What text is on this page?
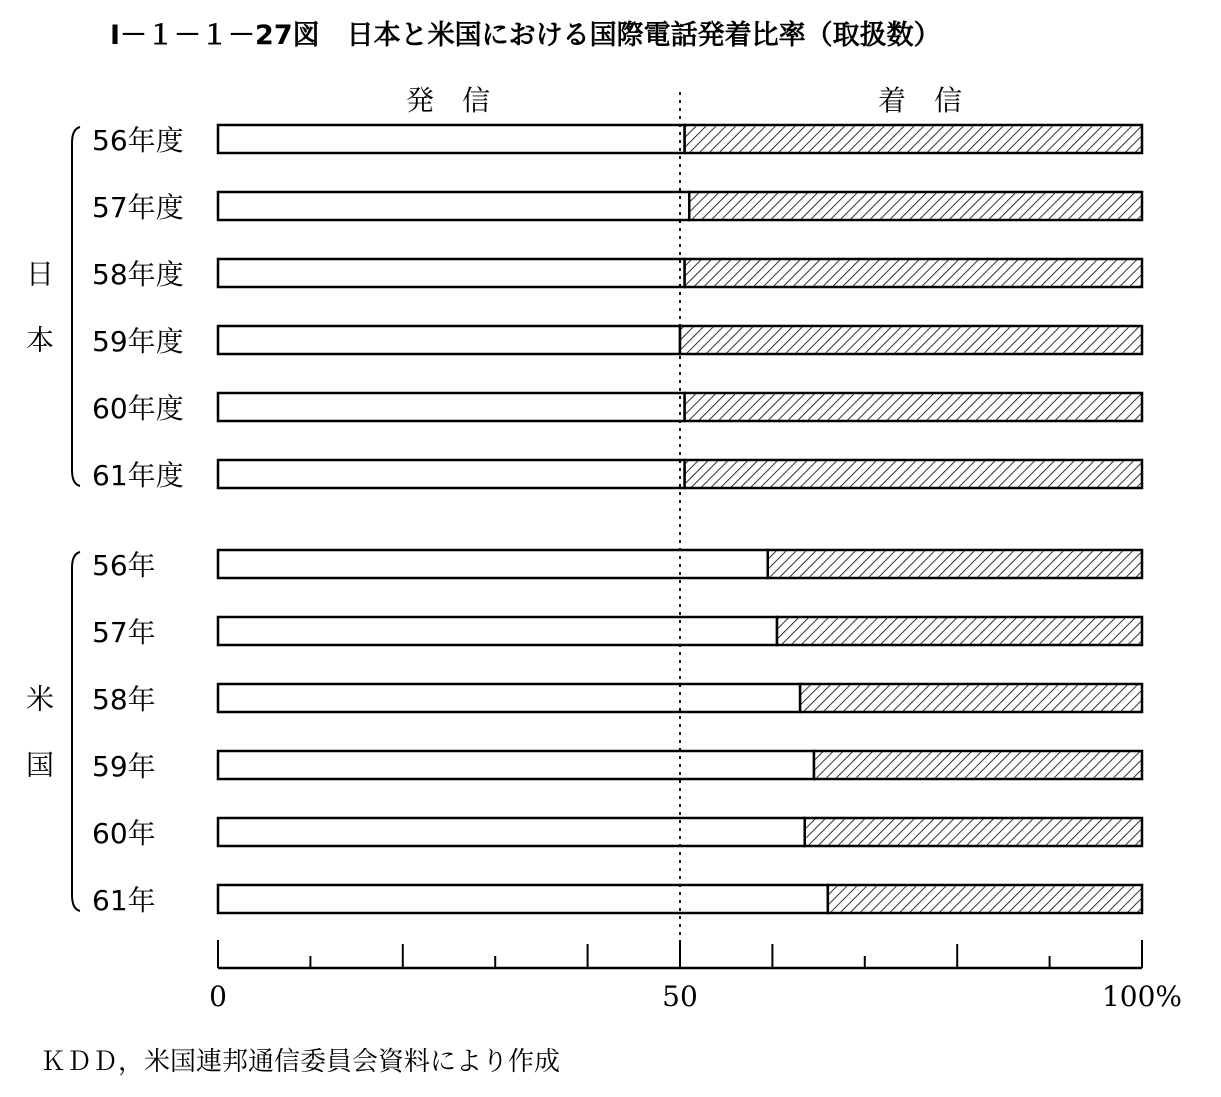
Ⅰ－１－１－27図　日本と米国における国際電話発着比率（取扱数）
発　信	着　信
日本
米国
56年度
57年度
58年度
59年度
60年度
61年度
56年
57年
58年
59年
60年
61年
0	50	100%
ＫＤＤ，米国連邦通信委員会資料により作成
